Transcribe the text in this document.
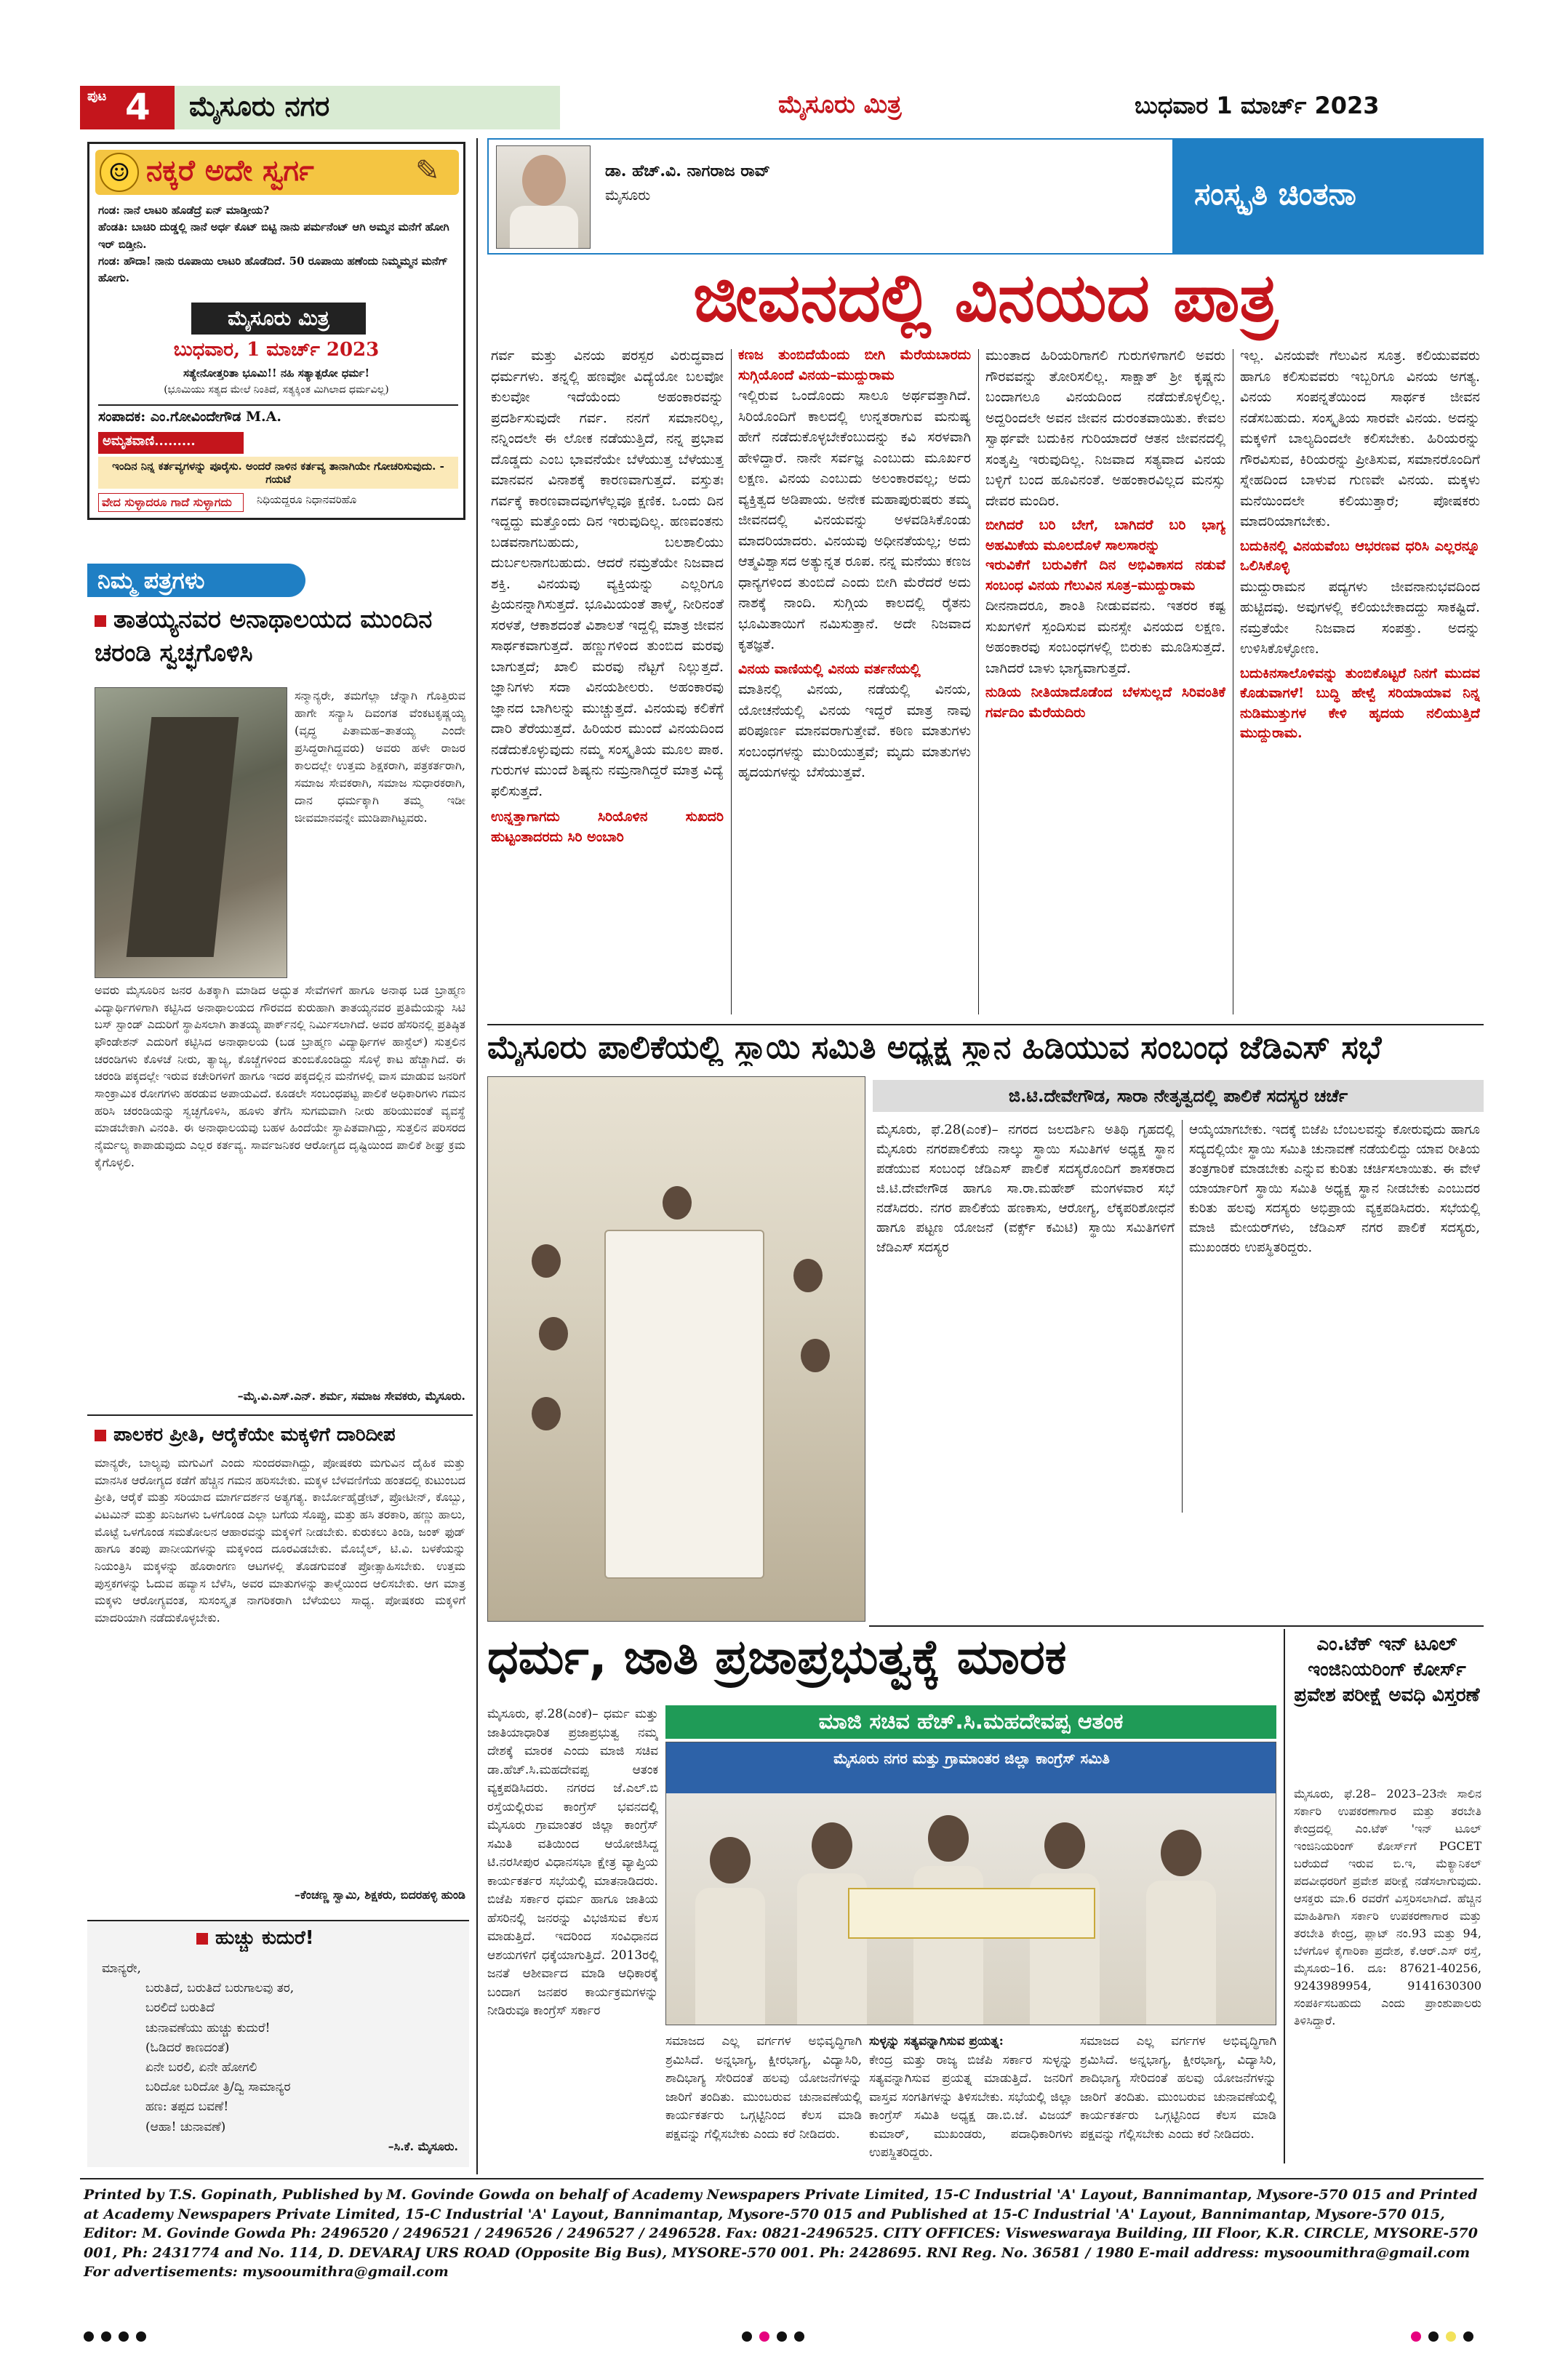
ಪುಟ 4 ಮೈಸೂರು ನಗರ	ಮೈಸೂರು ಮಿತ್ರ	ಬುಧವಾರ 1 ಮಾರ್ಚ್ 2023
☺ ನಕ್ಕರೆ ಅದೇ ಸ್ವರ್ಗ	✎
ಗಂಡ: ನಾನೆ ಲಾಟರಿ ಹೊಡೆದ್ರೆ ಏನ್ ಮಾಡ್ತೀಯ?
ಹೆಂಡತಿ: ಬಾಚಿರಿ ದುಡ್ಡಲ್ಲಿ ನಾನೆ ಅರ್ಧ ಕೊಟ್ ಬಿಟ್ಟಿ ನಾನು ಪರ್ಮನೆಂಟ್ ಆಗಿ ಅಮ್ಮನ ಮನೆಗೆ ಹೋಗಿ ಇರ್ ಬಿಡ್ತೀನಿ.
ಗಂಡ: ಹೌದಾ! ನಾನು ರೂಪಾಯಿ ಲಾಟರಿ ಹೊಡೆದಿದೆ. 50 ರೂಪಾಯಿ ಹಣೆಂದು ನಿಮ್ಮಮ್ಮನ ಮನೆಗ್ ಹೋಗು.
ಮೈಸೂರು ಮಿತ್ರ
ಬುಧವಾರ, 1 ಮಾರ್ಚ್ 2023
ಸತ್ಯೇನೋತ್ತರಿತಾ ಭೂಮಿ!! ನಹಿ ಸತ್ಯಾತ್ಪರೋ ಧರ್ಮ!
(ಭೂಮಿಯು ಸತ್ಯದ ಮೇಲೆ ನಿಂತಿದೆ, ಸತ್ಯಕ್ಕಿಂತ ಮಿಗಿಲಾದ ಧರ್ಮವಿಲ್ಲ)
ಸಂಪಾದಕ: ಎಂ.ಗೋವಿಂದೇಗೌಡ M.A.
ಅಮೃತವಾಣಿ.........
ಇಂದಿನ ನಿನ್ನ ಕರ್ತವ್ಯಗಳನ್ನು ಪೂರೈಸು. ಅಂದರೆ ನಾಳಿನ ಕರ್ತವ್ಯ ತಾನಾಗಿಯೇ ಗೋಚರಿಸುವುದು. - ಗಯಟೆ
ವೇದ ಸುಳ್ಳಾದರೂ ಗಾದೆ ಸುಳ್ಳಾಗದು	ನಿಧಿಯದ್ದರೂ ನಿಧಾನವರಿಹೊ
ನಿಮ್ಮ ಪತ್ರಗಳು
ತಾತಯ್ಯನವರ ಅನಾಥಾಲಯದ ಮುಂದಿನ ಚರಂಡಿ ಸ್ವಚ್ಛಗೊಳಿಸಿ
ಸನ್ಮಾನ್ಯರೇ, ತಮಗೆಲ್ಲಾ ಚೆನ್ನಾಗಿ ಗೊತ್ತಿರುವ ಹಾಗೇ ಸನ್ಯಾಸಿ ದಿವಂಗತ ವೆಂಕಟಕೃಷ್ಣಯ್ಯ (ವೃದ್ಧ ಪಿತಾಮಹ–ತಾತಯ್ಯ ಎಂದೇ ಪ್ರಸಿದ್ಧರಾಗಿದ್ದವರು) ಅವರು ಹಳೇ ರಾಜರ ಕಾಲದಲ್ಲೇ ಉತ್ತಮ ಶಿಕ್ಷಕರಾಗಿ, ಪತ್ರಕರ್ತರಾಗಿ, ಸಮಾಜ ಸೇವಕರಾಗಿ, ಸಮಾಜ ಸುಧಾರಕರಾಗಿ, ದಾನ ಧರ್ಮಕ್ಕಾಗಿ ತಮ್ಮ ಇಡೀ ಜೀವಮಾನವನ್ನೇ ಮುಡಿಪಾಗಿಟ್ಟವರು.
ಅವರು ಮೈಸೂರಿನ ಜನರ ಹಿತಕ್ಕಾಗಿ ಮಾಡಿದ ಅದ್ಭುತ ಸೇವೆಗಳಿಗೆ ಹಾಗೂ ಅನಾಥ ಬಡ ಬ್ರಾಹ್ಮಣ ವಿದ್ಯಾರ್ಥಿಗಳಿಗಾಗಿ ಕಟ್ಟಿಸಿದ ಅನಾಥಾಲಯದ ಗೌರವದ ಕುರುಹಾಗಿ ತಾತಯ್ಯನವರ ಪ್ರತಿಮೆಯನ್ನು ಸಿಟಿ ಬಸ್ ಸ್ಟಾಂಡ್ ಎದುರಿಗೆ ಸ್ಥಾಪಿಸಲಾಗಿ ತಾತಯ್ಯ ಪಾರ್ಕ್‌ನಲ್ಲಿ ನಿರ್ಮಿಸಲಾಗಿದೆ. ಅವರ ಹೆಸರಿನಲ್ಲಿ ಪ್ರತಿಷ್ಠಿತ ಫೌಂಡೇಶನ್ ಎದುರಿಗೆ ಕಟ್ಟಿಸಿದ ಅನಾಥಾಲಯ (ಬಡ ಬ್ರಾಹ್ಮಣ ವಿದ್ಯಾರ್ಥಿಗಳ ಹಾಸ್ಟೆಲ್) ಸುತ್ತಲಿನ ಚರಂಡಿಗಳು ಕೊಳಚೆ ನೀರು, ತ್ಯಾಜ್ಯ, ಕೊಚ್ಚೆಗಳಿಂದ ತುಂಬಿಕೊಂಡಿದ್ದು ಸೊಳ್ಳೆ ಕಾಟ ಹೆಚ್ಚಾಗಿದೆ. ಈ ಚರಂಡಿ ಪಕ್ಕದಲ್ಲೇ ಇರುವ ಕಚೇರಿಗಳಿಗೆ ಹಾಗೂ ಇದರ ಪಕ್ಕದಲ್ಲಿನ ಮನೆಗಳಲ್ಲಿ ವಾಸ ಮಾಡುವ ಜನರಿಗೆ ಸಾಂಕ್ರಾಮಿಕ ರೋಗಗಳು ಹರಡುವ ಅಪಾಯವಿದೆ. ಕೂಡಲೇ ಸಂಬಂಧಪಟ್ಟ ಪಾಲಿಕೆ ಅಧಿಕಾರಿಗಳು ಗಮನ ಹರಿಸಿ ಚರಂಡಿಯನ್ನು ಸ್ವಚ್ಛಗೊಳಿಸಿ, ಹೂಳು ತೆಗೆಸಿ ಸುಗಮವಾಗಿ ನೀರು ಹರಿಯುವಂತೆ ವ್ಯವಸ್ಥೆ ಮಾಡಬೇಕಾಗಿ ವಿನಂತಿ. ಈ ಅನಾಥಾಲಯವು ಬಹಳ ಹಿಂದೆಯೇ ಸ್ಥಾಪಿತವಾಗಿದ್ದು, ಸುತ್ತಲಿನ ಪರಿಸರದ ನೈರ್ಮಲ್ಯ ಕಾಪಾಡುವುದು ಎಲ್ಲರ ಕರ್ತವ್ಯ. ಸಾರ್ವಜನಿಕರ ಆರೋಗ್ಯದ ದೃಷ್ಟಿಯಿಂದ ಪಾಲಿಕೆ ಶೀಘ್ರ ಕ್ರಮ ಕೈಗೊಳ್ಳಲಿ.
–ಮೈ.ವಿ.ಎಸ್.ಎನ್. ಶರ್ಮ, ಸಮಾಜ ಸೇವಕರು, ಮೈಸೂರು.
ಪಾಲಕರ ಪ್ರೀತಿ, ಆರೈಕೆಯೇ ಮಕ್ಕಳಿಗೆ ದಾರಿದೀಪ
ಮಾನ್ಯರೇ, ಬಾಲ್ಯವು ಮಗುವಿಗೆ ಎಂದು ಸುಂದರವಾಗಿದ್ದು, ಪೋಷಕರು ಮಗುವಿನ ದೈಹಿಕ ಮತ್ತು ಮಾನಸಿಕ ಆರೋಗ್ಯದ ಕಡೆಗೆ ಹೆಚ್ಚಿನ ಗಮನ ಹರಿಸಬೇಕು. ಮಕ್ಕಳ ಬೆಳವಣಿಗೆಯ ಹಂತದಲ್ಲಿ ಕುಟುಂಬದ ಪ್ರೀತಿ, ಆರೈಕೆ ಮತ್ತು ಸರಿಯಾದ ಮಾರ್ಗದರ್ಶನ ಅತ್ಯಗತ್ಯ. ಕಾರ್ಬೋಹೈಡ್ರೇಟ್, ಪ್ರೋಟೀನ್, ಕೊಬ್ಬು, ವಿಟಮಿನ್ ಮತ್ತು ಖನಿಜಗಳು ಒಳಗೊಂಡ ಎಲ್ಲಾ ಬಗೆಯ ಸೊಪ್ಪು, ಮತ್ತು ಹಸಿ ತರಕಾರಿ, ಹಣ್ಣು ಹಾಲು, ಮೊಟ್ಟೆ ಒಳಗೊಂಡ ಸಮತೋಲನ ಆಹಾರವನ್ನು ಮಕ್ಕಳಿಗೆ ನೀಡಬೇಕು. ಕುರುಕಲು ತಿಂಡಿ, ಜಂಕ್ ಫುಡ್ ಹಾಗೂ ತಂಪು ಪಾನೀಯಗಳನ್ನು ಮಕ್ಕಳಿಂದ ದೂರವಿಡಬೇಕು. ಮೊಬೈಲ್, ಟಿ.ವಿ. ಬಳಕೆಯನ್ನು ನಿಯಂತ್ರಿಸಿ ಮಕ್ಕಳನ್ನು ಹೊರಾಂಗಣ ಆಟಗಳಲ್ಲಿ ತೊಡಗುವಂತೆ ಪ್ರೋತ್ಸಾಹಿಸಬೇಕು. ಉತ್ತಮ ಪುಸ್ತಕಗಳನ್ನು ಓದುವ ಹವ್ಯಾಸ ಬೆಳೆಸಿ, ಅವರ ಮಾತುಗಳನ್ನು ತಾಳ್ಮೆಯಿಂದ ಆಲಿಸಬೇಕು. ಆಗ ಮಾತ್ರ ಮಕ್ಕಳು ಆರೋಗ್ಯವಂತ, ಸುಸಂಸ್ಕೃತ ನಾಗರಿಕರಾಗಿ ಬೆಳೆಯಲು ಸಾಧ್ಯ. ಪೋಷಕರು ಮಕ್ಕಳಿಗೆ ಮಾದರಿಯಾಗಿ ನಡೆದುಕೊಳ್ಳಬೇಕು.
–ಕೆಂಚಣ್ಣ ಸ್ವಾಮಿ, ಶಿಕ್ಷಕರು, ಬಿದರಹಳ್ಳಿ ಹುಂಡಿ
ಹುಚ್ಚು ಕುದುರೆ!
ಮಾನ್ಯರೇ,
ಬರುತಿದೆ, ಬರುತಿದೆ ಬರುಗಾಲವು ತರ,
ಬರಲಿದೆ ಬರುತಿದೆ
ಚುನಾವಣೆಯು ಹುಚ್ಚು ಕುದುರೆ!
(ಓಡಿದರೆ ಕಾಣದಂತೆ)
ಏನೇ ಬರಲಿ, ಏನೇ ಹೋಗಲಿ
ಬರಿದೋ ಬರಿದೋ ತ್ರಿ/ದ್ವಿ ಸಾಮಾನ್ಯರ
ಹಣ: ತಪ್ಪದ ಬವಣೆ!
(ಆಹಾ! ಚುನಾವಣೆ)
–ಸಿ.ಕೆ. ಮೈಸೂರು.
ಡಾ. ಹೆಚ್.ವಿ. ನಾಗರಾಜ ರಾವ್
ಮೈಸೂರು	ಸಂಸ್ಕೃತಿ ಚಿಂತನಾ
ಜೀವನದಲ್ಲಿ ವಿನಯದ ಪಾತ್ರ
ಗರ್ವ ಮತ್ತು ವಿನಯ ಪರಸ್ಪರ ವಿರುದ್ಧವಾದ ಧರ್ಮಗಳು. ತನ್ನಲ್ಲಿ ಹಣವೋ ವಿದ್ಯೆಯೋ ಬಲವೋ ಕುಲವೋ ಇದೆಯೆಂದು ಅಹಂಕಾರವನ್ನು ಪ್ರದರ್ಶಿಸುವುದೇ ಗರ್ವ. ನನಗೆ ಸಮಾನರಿಲ್ಲ, ನನ್ನಿಂದಲೇ ಈ ಲೋಕ ನಡೆಯುತ್ತಿದೆ, ನನ್ನ ಪ್ರಭಾವ ದೊಡ್ಡದು ಎಂಬ ಭಾವನೆಯೇ ಬೆಳೆಯುತ್ತ ಬೆಳೆಯುತ್ತ ಮಾನವನ ವಿನಾಶಕ್ಕೆ ಕಾರಣವಾಗುತ್ತದೆ. ವಸ್ತುತಃ ಗರ್ವಕ್ಕೆ ಕಾರಣವಾದವುಗಳೆಲ್ಲವೂ ಕ್ಷಣಿಕ. ಒಂದು ದಿನ ಇದ್ದದ್ದು ಮತ್ತೊಂದು ದಿನ ಇರುವುದಿಲ್ಲ. ಹಣವಂತನು ಬಡವನಾಗಬಹುದು, ಬಲಶಾಲಿಯು ದುರ್ಬಲನಾಗಬಹುದು. ಆದರೆ ನಮ್ರತೆಯೇ ನಿಜವಾದ ಶಕ್ತಿ. ವಿನಯವು ವ್ಯಕ್ತಿಯನ್ನು ಎಲ್ಲರಿಗೂ ಪ್ರಿಯನನ್ನಾಗಿಸುತ್ತದೆ. ಭೂಮಿಯಂತೆ ತಾಳ್ಮೆ, ನೀರಿನಂತೆ ಸರಳತೆ, ಆಕಾಶದಂತೆ ವಿಶಾಲತೆ ಇದ್ದಲ್ಲಿ ಮಾತ್ರ ಜೀವನ ಸಾರ್ಥಕವಾಗುತ್ತದೆ. ಹಣ್ಣುಗಳಿಂದ ತುಂಬಿದ ಮರವು ಬಾಗುತ್ತದೆ; ಖಾಲಿ ಮರವು ನೆಟ್ಟಗೆ ನಿಲ್ಲುತ್ತದೆ. ಜ್ಞಾನಿಗಳು ಸದಾ ವಿನಯಶೀಲರು. ಅಹಂಕಾರವು ಜ್ಞಾನದ ಬಾಗಿಲನ್ನು ಮುಚ್ಚುತ್ತದೆ. ವಿನಯವು ಕಲಿಕೆಗೆ ದಾರಿ ತೆರೆಯುತ್ತದೆ. ಹಿರಿಯರ ಮುಂದೆ ವಿನಯದಿಂದ ನಡೆದುಕೊಳ್ಳುವುದು ನಮ್ಮ ಸಂಸ್ಕೃತಿಯ ಮೂಲ ಪಾಠ. ಗುರುಗಳ ಮುಂದೆ ಶಿಷ್ಯನು ನಮ್ರನಾಗಿದ್ದರೆ ಮಾತ್ರ ವಿದ್ಯೆ ಫಲಿಸುತ್ತದೆ.
ಉನ್ನತ್ತಾಗಾಗದು ಸಿರಿಯೊಳಿನ ಸುಖದರಿ ಹುಟ್ಟಂತಾದರದು ಸಿರಿ ಅಂಬಾರಿ
ಕಣಜ ತುಂಬಿದೆಯೆಂದು ಬೀಗಿ ಮೆರೆಯಬಾರದು ಸುಗ್ಗಿಯೊಂದೆ ವಿನಯ–ಮುದ್ದುರಾಮ
ಇಲ್ಲಿರುವ ಒಂದೊಂದು ಸಾಲೂ ಅರ್ಥವತ್ತಾಗಿದೆ. ಸಿರಿಯೊಂದಿಗೆ ಕಾಲದಲ್ಲಿ ಉನ್ನತರಾಗುವ ಮನುಷ್ಯ ಹೇಗೆ ನಡೆದುಕೊಳ್ಳಬೇಕೆಂಬುದನ್ನು ಕವಿ ಸರಳವಾಗಿ ಹೇಳಿದ್ದಾರೆ. ನಾನೇ ಸರ್ವಜ್ಞ ಎಂಬುದು ಮೂರ್ಖರ ಲಕ್ಷಣ. ವಿನಯ ಎಂಬುದು ಅಲಂಕಾರವಲ್ಲ; ಅದು ವ್ಯಕ್ತಿತ್ವದ ಅಡಿಪಾಯ. ಅನೇಕ ಮಹಾಪುರುಷರು ತಮ್ಮ ಜೀವನದಲ್ಲಿ ವಿನಯವನ್ನು ಅಳವಡಿಸಿಕೊಂಡು ಮಾದರಿಯಾದರು. ವಿನಯವು ಅಧೀನತೆಯಲ್ಲ; ಅದು ಆತ್ಮವಿಶ್ವಾಸದ ಅತ್ಯುನ್ನತ ರೂಪ. ನನ್ನ ಮನೆಯು ಕಣಜ ಧಾನ್ಯಗಳಿಂದ ತುಂಬಿದೆ ಎಂದು ಬೀಗಿ ಮೆರೆದರೆ ಅದು ನಾಶಕ್ಕೆ ನಾಂದಿ. ಸುಗ್ಗಿಯ ಕಾಲದಲ್ಲಿ ರೈತನು ಭೂಮಿತಾಯಿಗೆ ನಮಿಸುತ್ತಾನೆ. ಅದೇ ನಿಜವಾದ ಕೃತಜ್ಞತೆ.
ವಿನಯ ವಾಣಿಯಲ್ಲಿ ವಿನಯ ವರ್ತನೆಯಲ್ಲಿ
ಮಾತಿನಲ್ಲಿ ವಿನಯ, ನಡೆಯಲ್ಲಿ ವಿನಯ, ಯೋಚನೆಯಲ್ಲಿ ವಿನಯ ಇದ್ದರೆ ಮಾತ್ರ ನಾವು ಪರಿಪೂರ್ಣ ಮಾನವರಾಗುತ್ತೇವೆ. ಕಠಿಣ ಮಾತುಗಳು ಸಂಬಂಧಗಳನ್ನು ಮುರಿಯುತ್ತವೆ; ಮೃದು ಮಾತುಗಳು ಹೃದಯಗಳನ್ನು ಬೆಸೆಯುತ್ತವೆ.
ಮುಂತಾದ ಹಿರಿಯರಿಗಾಗಲಿ ಗುರುಗಳಿಗಾಗಲಿ ಅವರು ಗೌರವವನ್ನು ತೋರಿಸಲಿಲ್ಲ. ಸಾಕ್ಷಾತ್ ಶ್ರೀ ಕೃಷ್ಣನು ಬಂದಾಗಲೂ ವಿನಯದಿಂದ ನಡೆದುಕೊಳ್ಳಲಿಲ್ಲ. ಅದ್ದರಿಂದಲೇ ಅವನ ಜೀವನ ದುರಂತವಾಯಿತು. ಕೇವಲ ಸ್ವಾರ್ಥವೇ ಬದುಕಿನ ಗುರಿಯಾದರೆ ಆತನ ಜೀವನದಲ್ಲಿ ಸಂತೃಪ್ತಿ ಇರುವುದಿಲ್ಲ. ನಿಜವಾದ ಸತ್ಯವಾದ ವಿನಯ ಬಳ್ಳಿಗೆ ಬಂದ ಹೂವಿನಂತೆ. ಅಹಂಕಾರವಿಲ್ಲದ ಮನಸ್ಸು ದೇವರ ಮಂದಿರ.
ಬೀಗಿದರೆ ಬರಿ ಬೇಗೆ, ಬಾಗಿದರೆ ಬರಿ ಭಾಗ್ಯ ಅಹಮಿಕೆಯ ಮೂಲದೊಳೆ ಸಾಲಸಾರನ್ನು
ಇರುವಿಕೆಗೆ ಬರುವಿಕೆಗೆ ದಿನ ಅಭಿವಿಕಾಸದ ನಡುವೆ ಸಂಬಂಧ ವಿನಯ ಗೆಲುವಿನ ಸೂತ್ರ–ಮುದ್ದುರಾಮ
ದೀನನಾದರೂ, ಶಾಂತಿ ನೀಡುವವನು. ಇತರರ ಕಷ್ಟ ಸುಖಗಳಿಗೆ ಸ್ಪಂದಿಸುವ ಮನಸ್ಸೇ ವಿನಯದ ಲಕ್ಷಣ. ಅಹಂಕಾರವು ಸಂಬಂಧಗಳಲ್ಲಿ ಬಿರುಕು ಮೂಡಿಸುತ್ತದೆ. ಬಾಗಿದರೆ ಬಾಳು ಭಾಗ್ಯವಾಗುತ್ತದೆ.
ನುಡಿಯ ನೀತಿಯಾದೊಡೆಂದ ಬೆಳಸುಲ್ಲದೆ ಸಿರಿವಂತಿಕೆ ಗರ್ವದಿಂ ಮೆರೆಯದಿರು
ಇಲ್ಲ. ವಿನಯವೇ ಗೆಲುವಿನ ಸೂತ್ರ. ಕಲಿಯುವವರು ಹಾಗೂ ಕಲಿಸುವವರು ಇಬ್ಬರಿಗೂ ವಿನಯ ಅಗತ್ಯ. ವಿನಯ ಸಂಪನ್ನತೆಯಿಂದ ಸಾರ್ಥಕ ಜೀವನ ನಡೆಸಬಹುದು. ಸಂಸ್ಕೃತಿಯ ಸಾರವೇ ವಿನಯ. ಅದನ್ನು ಮಕ್ಕಳಿಗೆ ಬಾಲ್ಯದಿಂದಲೇ ಕಲಿಸಬೇಕು. ಹಿರಿಯರನ್ನು ಗೌರವಿಸುವ, ಕಿರಿಯರನ್ನು ಪ್ರೀತಿಸುವ, ಸಮಾನರೊಂದಿಗೆ ಸ್ನೇಹದಿಂದ ಬಾಳುವ ಗುಣವೇ ವಿನಯ. ಮಕ್ಕಳು ಮನೆಯಿಂದಲೇ ಕಲಿಯುತ್ತಾರೆ; ಪೋಷಕರು ಮಾದರಿಯಾಗಬೇಕು.
ಬದುಕಿನಲ್ಲಿ ವಿನಯವೆಂಬ ಆಭರಣವ ಧರಿಸಿ ಎಲ್ಲರನ್ನೂ ಒಲಿಸಿಕೊಳ್ಳಿ
ಮುದ್ದುರಾಮನ ಪದ್ಯಗಳು ಜೀವನಾನುಭವದಿಂದ ಹುಟ್ಟಿದವು. ಅವುಗಳಲ್ಲಿ ಕಲಿಯಬೇಕಾದದ್ದು ಸಾಕಷ್ಟಿದೆ. ನಮ್ರತೆಯೇ ನಿಜವಾದ ಸಂಪತ್ತು. ಅದನ್ನು ಉಳಿಸಿಕೊಳ್ಳೋಣ.
ಬದುಕಿನಸಾಲೊಳಿವನ್ನು ತುಂಬಿಕೊಟ್ಟರೆ ನಿನಗೆ ಮುದವ ಕೊಡುವಾಗಳೆ! ಬುದ್ಧಿ ಹೇಳ್ವೆ ಸರಿಯಾಯಾವ ನಿನ್ನ ನುಡಿಮುತ್ತುಗಳ ಕೇಳಿ ಹೃದಯ ನಲಿಯುತ್ತಿದೆ ಮುದ್ದುರಾಮ.
ಮೈಸೂರು ಪಾಲಿಕೆಯಲ್ಲಿ ಸ್ಥಾಯಿ ಸಮಿತಿ ಅಧ್ಯಕ್ಷ ಸ್ಥಾನ ಹಿಡಿಯುವ ಸಂಬಂಧ ಜೆಡಿಎಸ್ ಸಭೆ
ಜಿ.ಟಿ.ದೇವೇಗೌಡ, ಸಾರಾ ನೇತೃತ್ವದಲ್ಲಿ ಪಾಲಿಕೆ ಸದಸ್ಯರ ಚರ್ಚೆ
ಮೈಸೂರು, ಫೆ.28(ಎಂಕೆ)– ನಗರದ ಜಲದರ್ಶಿನಿ ಅತಿಥಿ ಗೃಹದಲ್ಲಿ ಮೈಸೂರು ನಗರಪಾಲಿಕೆಯ ನಾಲ್ಕು ಸ್ಥಾಯಿ ಸಮಿತಿಗಳ ಅಧ್ಯಕ್ಷ ಸ್ಥಾನ ಪಡೆಯುವ ಸಂಬಂಧ ಜೆಡಿಎಸ್ ಪಾಲಿಕೆ ಸದಸ್ಯರೊಂದಿಗೆ ಶಾಸಕರಾದ ಜಿ.ಟಿ.ದೇವೇಗೌಡ ಹಾಗೂ ಸಾ.ರಾ.ಮಹೇಶ್ ಮಂಗಳವಾರ ಸಭೆ ನಡೆಸಿದರು. ನಗರ ಪಾಲಿಕೆಯ ಹಣಕಾಸು, ಆರೋಗ್ಯ, ಲೆಕ್ಕಪರಿಶೋಧನೆ ಹಾಗೂ ಪಟ್ಟಣ ಯೋಜನೆ (ವರ್ಕ್ಸ್ ಕಮಿಟಿ) ಸ್ಥಾಯಿ ಸಮಿತಿಗಳಿಗೆ ಜೆಡಿಎಸ್ ಸದಸ್ಯರ
ಆಯ್ಕೆಯಾಗಬೇಕು. ಇದಕ್ಕೆ ಬಿಜೆಪಿ ಬೆಂಬಲವನ್ನು ಕೋರುವುದು ಹಾಗೂ ಸದ್ಯದಲ್ಲಿಯೇ ಸ್ಥಾಯಿ ಸಮಿತಿ ಚುನಾವಣೆ ನಡೆಯಲಿದ್ದು ಯಾವ ರೀತಿಯ ತಂತ್ರಗಾರಿಕೆ ಮಾಡಬೇಕು ಎನ್ನುವ ಕುರಿತು ಚರ್ಚಿಸಲಾಯಿತು. ಈ ವೇಳೆ ಯಾರ್ಯಾರಿಗೆ ಸ್ಥಾಯಿ ಸಮಿತಿ ಅಧ್ಯಕ್ಷ ಸ್ಥಾನ ನೀಡಬೇಕು ಎಂಬುದರ ಕುರಿತು ಹಲವು ಸದಸ್ಯರು ಅಭಿಪ್ರಾಯ ವ್ಯಕ್ತಪಡಿಸಿದರು. ಸಭೆಯಲ್ಲಿ ಮಾಜಿ ಮೇಯರ್‌ಗಳು, ಜೆಡಿಎಸ್ ನಗರ ಪಾಲಿಕೆ ಸದಸ್ಯರು, ಮುಖಂಡರು ಉಪಸ್ಥಿತರಿದ್ದರು.
ಧರ್ಮ, ಜಾತಿ ಪ್ರಜಾಪ್ರಭುತ್ವಕ್ಕೆ ಮಾರಕ
ಮೈಸೂರು, ಫೆ.28(ಎಂಕೆ)– ಧರ್ಮ ಮತ್ತು ಜಾತಿಯಾಧಾರಿತ ಪ್ರಜಾಪ್ರಭುತ್ವ ನಮ್ಮ ದೇಶಕ್ಕೆ ಮಾರಕ ಎಂದು ಮಾಜಿ ಸಚಿವ ಡಾ.ಹೆಚ್.ಸಿ.ಮಹದೇವಪ್ಪ ಆತಂಕ ವ್ಯಕ್ತಪಡಿಸಿದರು. ನಗರದ ಜೆ.ಎಲ್.ಬಿ ರಸ್ತೆಯಲ್ಲಿರುವ ಕಾಂಗ್ರೆಸ್ ಭವನದಲ್ಲಿ ಮೈಸೂರು ಗ್ರಾಮಾಂತರ ಜಿಲ್ಲಾ ಕಾಂಗ್ರೆಸ್ ಸಮಿತಿ ವತಿಯಿಂದ ಆಯೋಜಿಸಿದ್ದ ಟಿ.ನರಸೀಪುರ ವಿಧಾನಸಭಾ ಕ್ಷೇತ್ರ ವ್ಯಾಪ್ತಿಯ ಕಾರ್ಯಕರ್ತರ ಸಭೆಯಲ್ಲಿ ಮಾತನಾಡಿದರು. ಬಿಜೆಪಿ ಸರ್ಕಾರ ಧರ್ಮ ಹಾಗೂ ಜಾತಿಯ ಹೆಸರಿನಲ್ಲಿ ಜನರನ್ನು ವಿಭಜಿಸುವ ಕೆಲಸ ಮಾಡುತ್ತಿದೆ. ಇದರಿಂದ ಸಂವಿಧಾನದ ಆಶಯಗಳಿಗೆ ಧಕ್ಕೆಯಾಗುತ್ತಿದೆ. 2013ರಲ್ಲಿ ಜನತೆ ಆಶೀರ್ವಾದ ಮಾಡಿ ಆಧಿಕಾರಕ್ಕೆ ಬಂದಾಗ ಜನಪರ ಕಾರ್ಯಕ್ರಮಗಳನ್ನು ನೀಡಿರುವೂ ಕಾಂಗ್ರೆಸ್ ಸರ್ಕಾರ
ಮಾಜಿ ಸಚಿವ ಹೆಚ್.ಸಿ.ಮಹದೇವಪ್ಪ ಆತಂಕ
ಮೈಸೂರು ನಗರ ಮತ್ತು ಗ್ರಾಮಾಂತರ ಜಿಲ್ಲಾ ಕಾಂಗ್ರೆಸ್ ಸಮಿತಿ
ಸಮಾಜದ ಎಲ್ಲ ವರ್ಗಗಳ ಅಭಿವೃದ್ಧಿಗಾಗಿ ಶ್ರಮಿಸಿದೆ. ಅನ್ನಭಾಗ್ಯ, ಕ್ಷೀರಭಾಗ್ಯ, ವಿದ್ಯಾಸಿರಿ, ಶಾದಿಭಾಗ್ಯ ಸೇರಿದಂತೆ ಹಲವು ಯೋಜನೆಗಳನ್ನು ಜಾರಿಗೆ ತಂದಿತು. ಮುಂಬರುವ ಚುನಾವಣೆಯಲ್ಲಿ ಕಾರ್ಯಕರ್ತರು ಒಗ್ಗಟ್ಟಿನಿಂದ ಕೆಲಸ ಮಾಡಿ ಪಕ್ಷವನ್ನು ಗೆಲ್ಲಿಸಬೇಕು ಎಂದು ಕರೆ ನೀಡಿದರು.
ಸುಳ್ಳನ್ನು ಸತ್ಯವನ್ನಾಗಿಸುವ ಪ್ರಯತ್ನ:
ಕೇಂದ್ರ ಮತ್ತು ರಾಜ್ಯ ಬಿಜೆಪಿ ಸರ್ಕಾರ ಸುಳ್ಳನ್ನು ಸತ್ಯವನ್ನಾಗಿಸುವ ಪ್ರಯತ್ನ ಮಾಡುತ್ತಿದೆ. ಜನರಿಗೆ ವಾಸ್ತವ ಸಂಗತಿಗಳನ್ನು ತಿಳಿಸಬೇಕು. ಸಭೆಯಲ್ಲಿ ಜಿಲ್ಲಾ ಕಾಂಗ್ರೆಸ್ ಸಮಿತಿ ಅಧ್ಯಕ್ಷ ಡಾ.ಬಿ.ಜೆ. ವಿಜಯ್ ಕುಮಾರ್, ಮುಖಂಡರು, ಪದಾಧಿಕಾರಿಗಳು ಉಪಸ್ಥಿತರಿದ್ದರು.
ಸಮಾಜದ ಎಲ್ಲ ವರ್ಗಗಳ ಅಭಿವೃದ್ಧಿಗಾಗಿ ಶ್ರಮಿಸಿದೆ. ಅನ್ನಭಾಗ್ಯ, ಕ್ಷೀರಭಾಗ್ಯ, ವಿದ್ಯಾಸಿರಿ, ಶಾದಿಭಾಗ್ಯ ಸೇರಿದಂತೆ ಹಲವು ಯೋಜನೆಗಳನ್ನು ಜಾರಿಗೆ ತಂದಿತು. ಮುಂಬರುವ ಚುನಾವಣೆಯಲ್ಲಿ ಕಾರ್ಯಕರ್ತರು ಒಗ್ಗಟ್ಟಿನಿಂದ ಕೆಲಸ ಮಾಡಿ ಪಕ್ಷವನ್ನು ಗೆಲ್ಲಿಸಬೇಕು ಎಂದು ಕರೆ ನೀಡಿದರು.
ಎಂ.ಟೆಕ್ ಇನ್ ಟೂಲ್ ಇಂಜಿನಿಯರಿಂಗ್ ಕೋರ್ಸ್ ಪ್ರವೇಶ ಪರೀಕ್ಷೆ ಅವಧಿ ವಿಸ್ತರಣೆ
ಮೈಸೂರು, ಫೆ.28– 2023–23ನೇ ಸಾಲಿನ ಸರ್ಕಾರಿ ಉಪಕರಣಾಗಾರ ಮತ್ತು ತರಬೇತಿ ಕೇಂದ್ರದಲ್ಲಿ ಎಂ.ಟೆಕ್ 'ಇನ್ ಟೂಲ್ ಇಂಜಿನಿಯರಿಂಗ್ ಕೋರ್ಸ್‌ಗೆ PGCET ಬರೆಯದೆ ಇರುವ ಬಿ.ಇ, ಮೆಕ್ಯಾನಿಕಲ್ ಪದವೀಧರರಿಗೆ ಪ್ರವೇಶ ಪರೀಕ್ಷೆ ನಡೆಸಲಾಗುವುದು. ಆಸಕ್ತರು ಮಾ.6 ರವರೆಗೆ ವಿಸ್ತರಿಸಲಾಗಿದೆ. ಹೆಚ್ಚಿನ ಮಾಹಿತಿಗಾಗಿ ಸರ್ಕಾರಿ ಉಪಕರಣಾಗಾರ ಮತ್ತು ತರಬೇತಿ ಕೇಂದ್ರ, ಪ್ಲಾಟ್ ನಂ.93 ಮತ್ತು 94, ಬೆಳಗೊಳ ಕೈಗಾರಿಕಾ ಪ್ರದೇಶ, ಕೆ.ಆರ್.ಎಸ್ ರಸ್ತೆ, ಮೈಸೂರು–16. ದೂ: 87621-40256, 9243989954, 9141630300 ಸಂಪರ್ಕಿಸಬಹುದು ಎಂದು ಪ್ರಾಂಶುಪಾಲರು ತಿಳಿಸಿದ್ದಾರೆ.
Printed by T.S. Gopinath, Published by M. Govinde Gowda on behalf of Academy Newspapers Private Limited, 15-C Industrial 'A' Layout, Bannimantap, Mysore-570 015 and Printed at Academy Newspapers Private Limited, 15-C Industrial 'A' Layout, Bannimantap, Mysore-570 015 and Published at 15-C Industrial 'A' Layout, Bannimantap, Mysore-570 015, Editor: M. Govinde Gowda Ph: 2496520 / 2496521 / 2496526 / 2496527 / 2496528. Fax: 0821-2496525. CITY OFFICES: Visweswaraya Building, III Floor, K.R. CIRCLE, MYSORE-570 001, Ph: 2431774 and No. 114, D. DEVARAJ URS ROAD (Opposite Big Bus), MYSORE-570 001. Ph: 2428695. RNI Reg. No. 36581 / 1980 E-mail address: mysooumithra@gmail.com For advertisements: mysooumithra@gmail.com
